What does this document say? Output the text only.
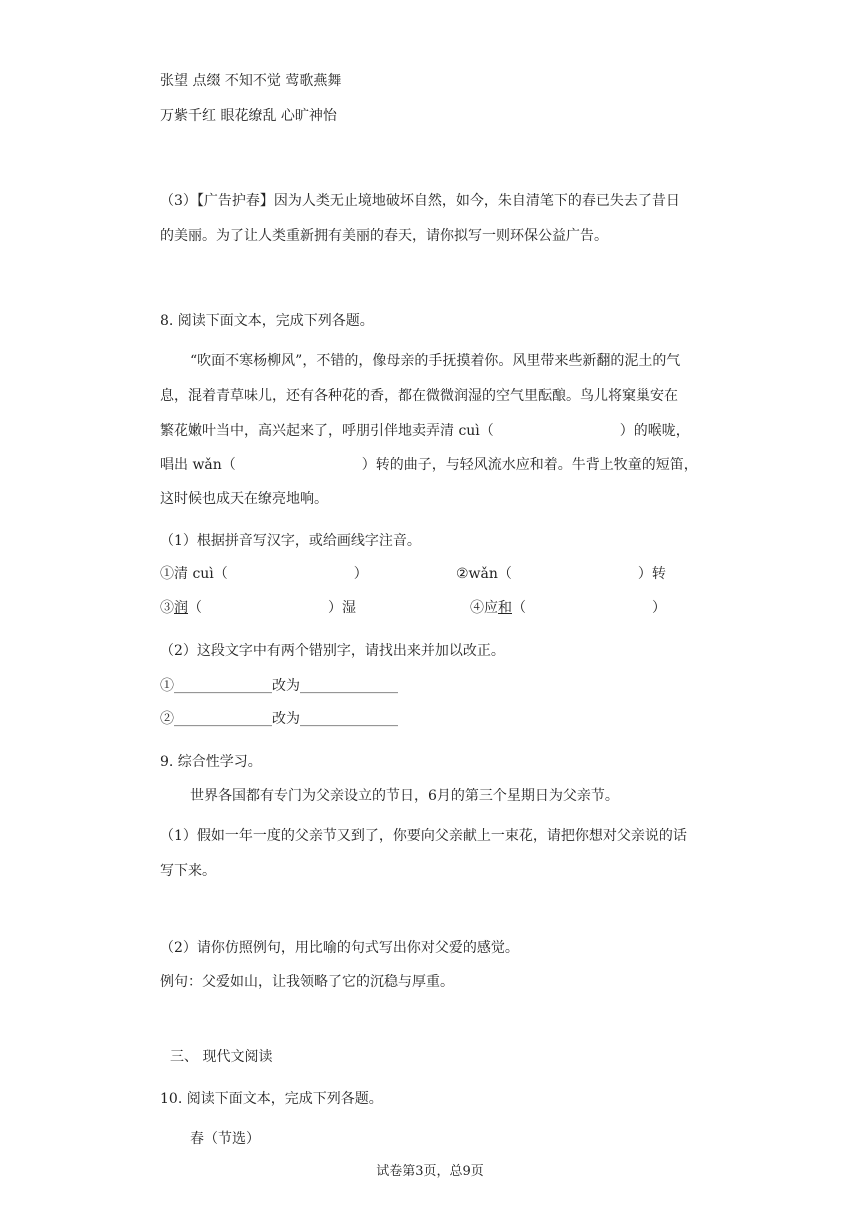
张望 点缀 不知不觉 莺歌燕舞
万紫千红 眼花缭乱 心旷神怡
（3）【广告护春】因为人类无止境地破坏自然，如今，朱自清笔下的春已失去了昔日
的美丽。为了让人类重新拥有美丽的春天，请你拟写一则环保公益广告。
8. 阅读下面文本，完成下列各题。
“吹面不寒杨柳风”，不错的，像母亲的手抚摸着你。风里带来些新翻的泥土的气
息，混着青草味儿，还有各种花的香，都在微微润湿的空气里酝酿。鸟儿将窠巢安在
繁花嫩叶当中，高兴起来了，呼朋引伴地卖弄清 cuì（	）的喉咙，
唱出 wǎn（	）转的曲子，与轻风流水应和着。牛背上牧童的短笛，
这时候也成天在缭亮地响。
（1）根据拼音写汉字，或给画线字注音。
①清 cuì（	）	②wǎn（	）转
③润（	）湿	④应和（	）
（2）这段文字中有两个错别字，请找出来并加以改正。
①______________改为______________
②______________改为______________
9. 综合性学习。
世界各国都有专门为父亲设立的节日，6月的第三个星期日为父亲节。
（1）假如一年一度的父亲节又到了，你要向父亲献上一束花，请把你想对父亲说的话
写下来。
（2）请你仿照例句，用比喻的句式写出你对父爱的感觉。
例句：父爱如山，让我领略了它的沉稳与厚重。
三、 现代文阅读
10. 阅读下面文本，完成下列各题。
春（节选）
试卷第3页，总9页
